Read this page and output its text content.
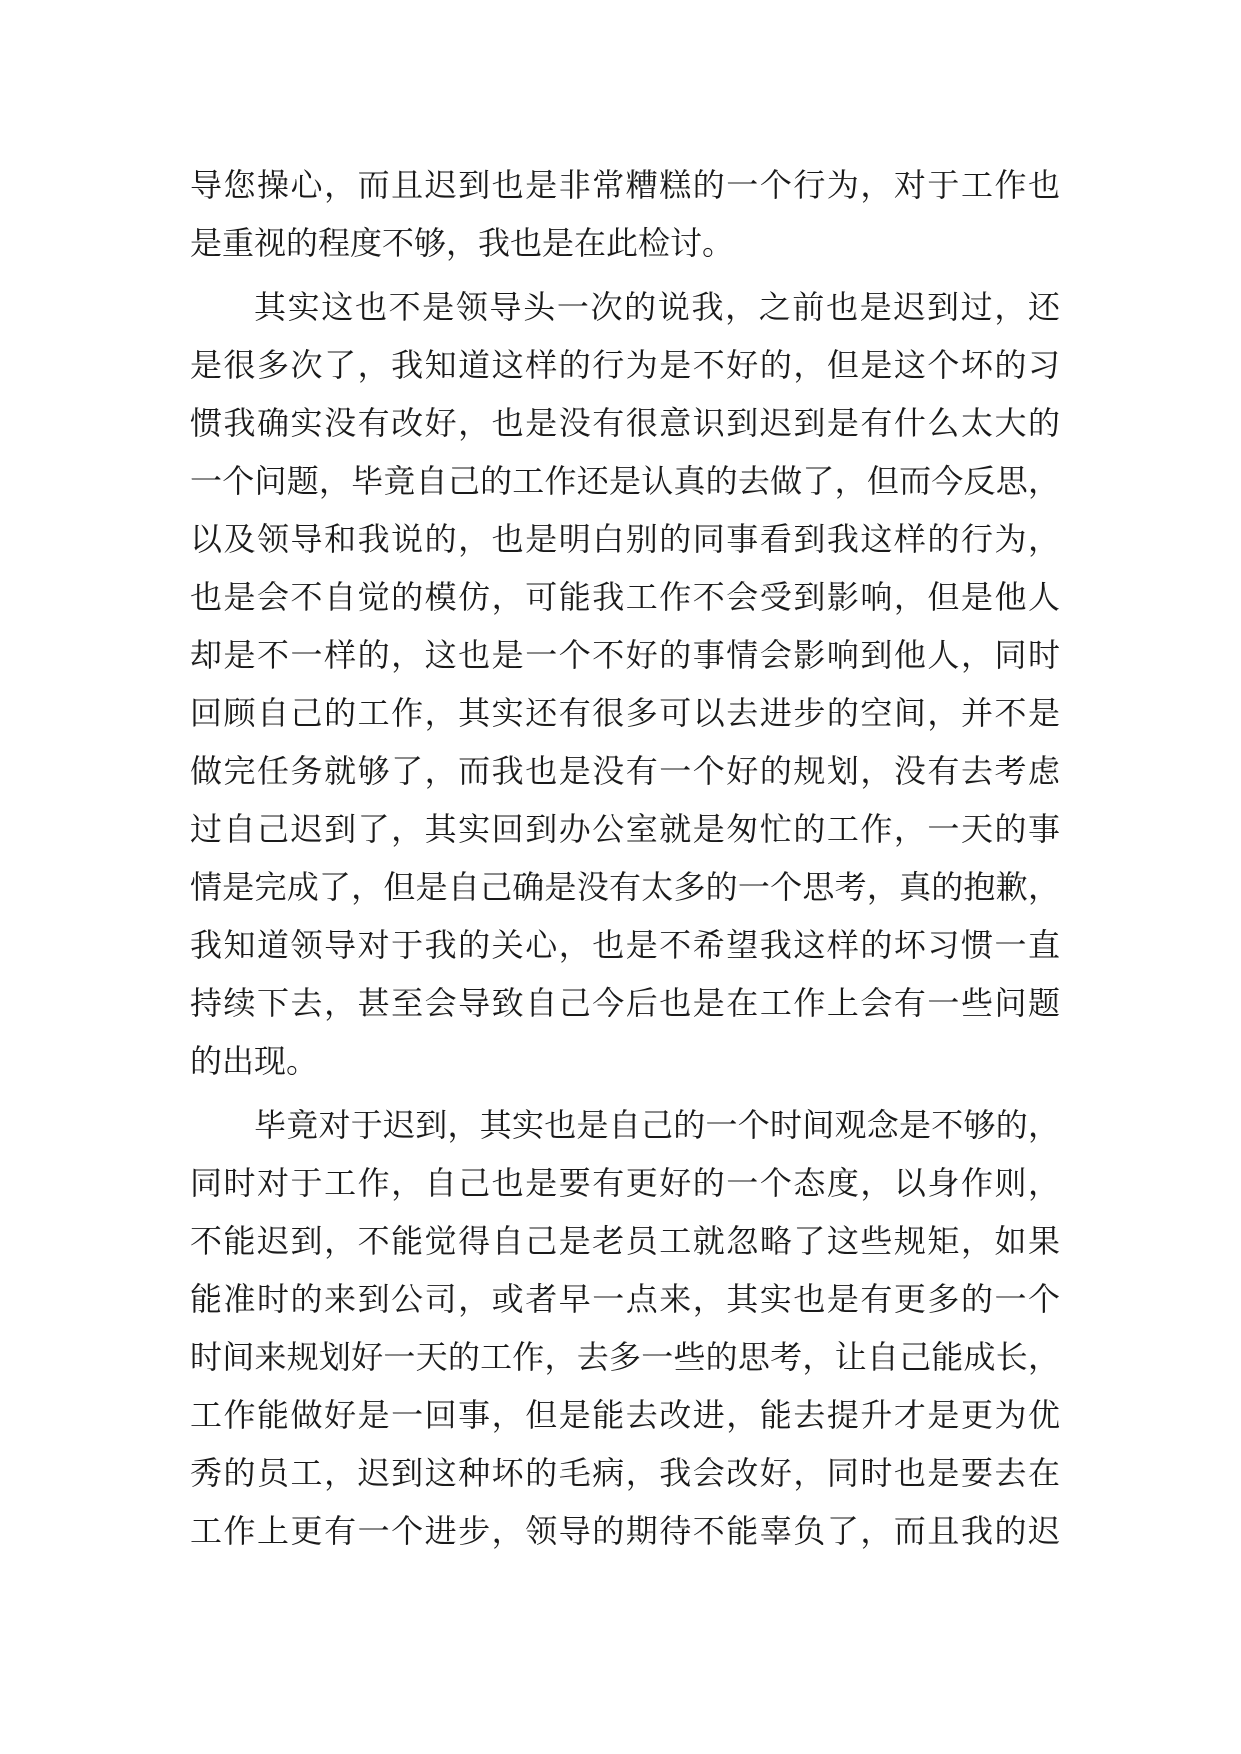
导您操心，而且迟到也是非常糟糕的一个行为，对于工作也
是重视的程度不够，我也是在此检讨。
其实这也不是领导头一次的说我，之前也是迟到过，还
是很多次了，我知道这样的行为是不好的，但是这个坏的习
惯我确实没有改好，也是没有很意识到迟到是有什么太大的
一个问题，毕竟自己的工作还是认真的去做了，但而今反思，
以及领导和我说的，也是明白别的同事看到我这样的行为，
也是会不自觉的模仿，可能我工作不会受到影响，但是他人
却是不一样的，这也是一个不好的事情会影响到他人，同时
回顾自己的工作，其实还有很多可以去进步的空间，并不是
做完任务就够了，而我也是没有一个好的规划，没有去考虑
过自己迟到了，其实回到办公室就是匆忙的工作，一天的事
情是完成了，但是自己确是没有太多的一个思考，真的抱歉，
我知道领导对于我的关心，也是不希望我这样的坏习惯一直
持续下去，甚至会导致自己今后也是在工作上会有一些问题
的出现。
毕竟对于迟到，其实也是自己的一个时间观念是不够的，
同时对于工作，自己也是要有更好的一个态度，以身作则，
不能迟到，不能觉得自己是老员工就忽略了这些规矩，如果
能准时的来到公司，或者早一点来，其实也是有更多的一个
时间来规划好一天的工作，去多一些的思考，让自己能成长，
工作能做好是一回事，但是能去改进，能去提升才是更为优
秀的员工，迟到这种坏的毛病，我会改好，同时也是要去在
工作上更有一个进步，领导的期待不能辜负了，而且我的迟
